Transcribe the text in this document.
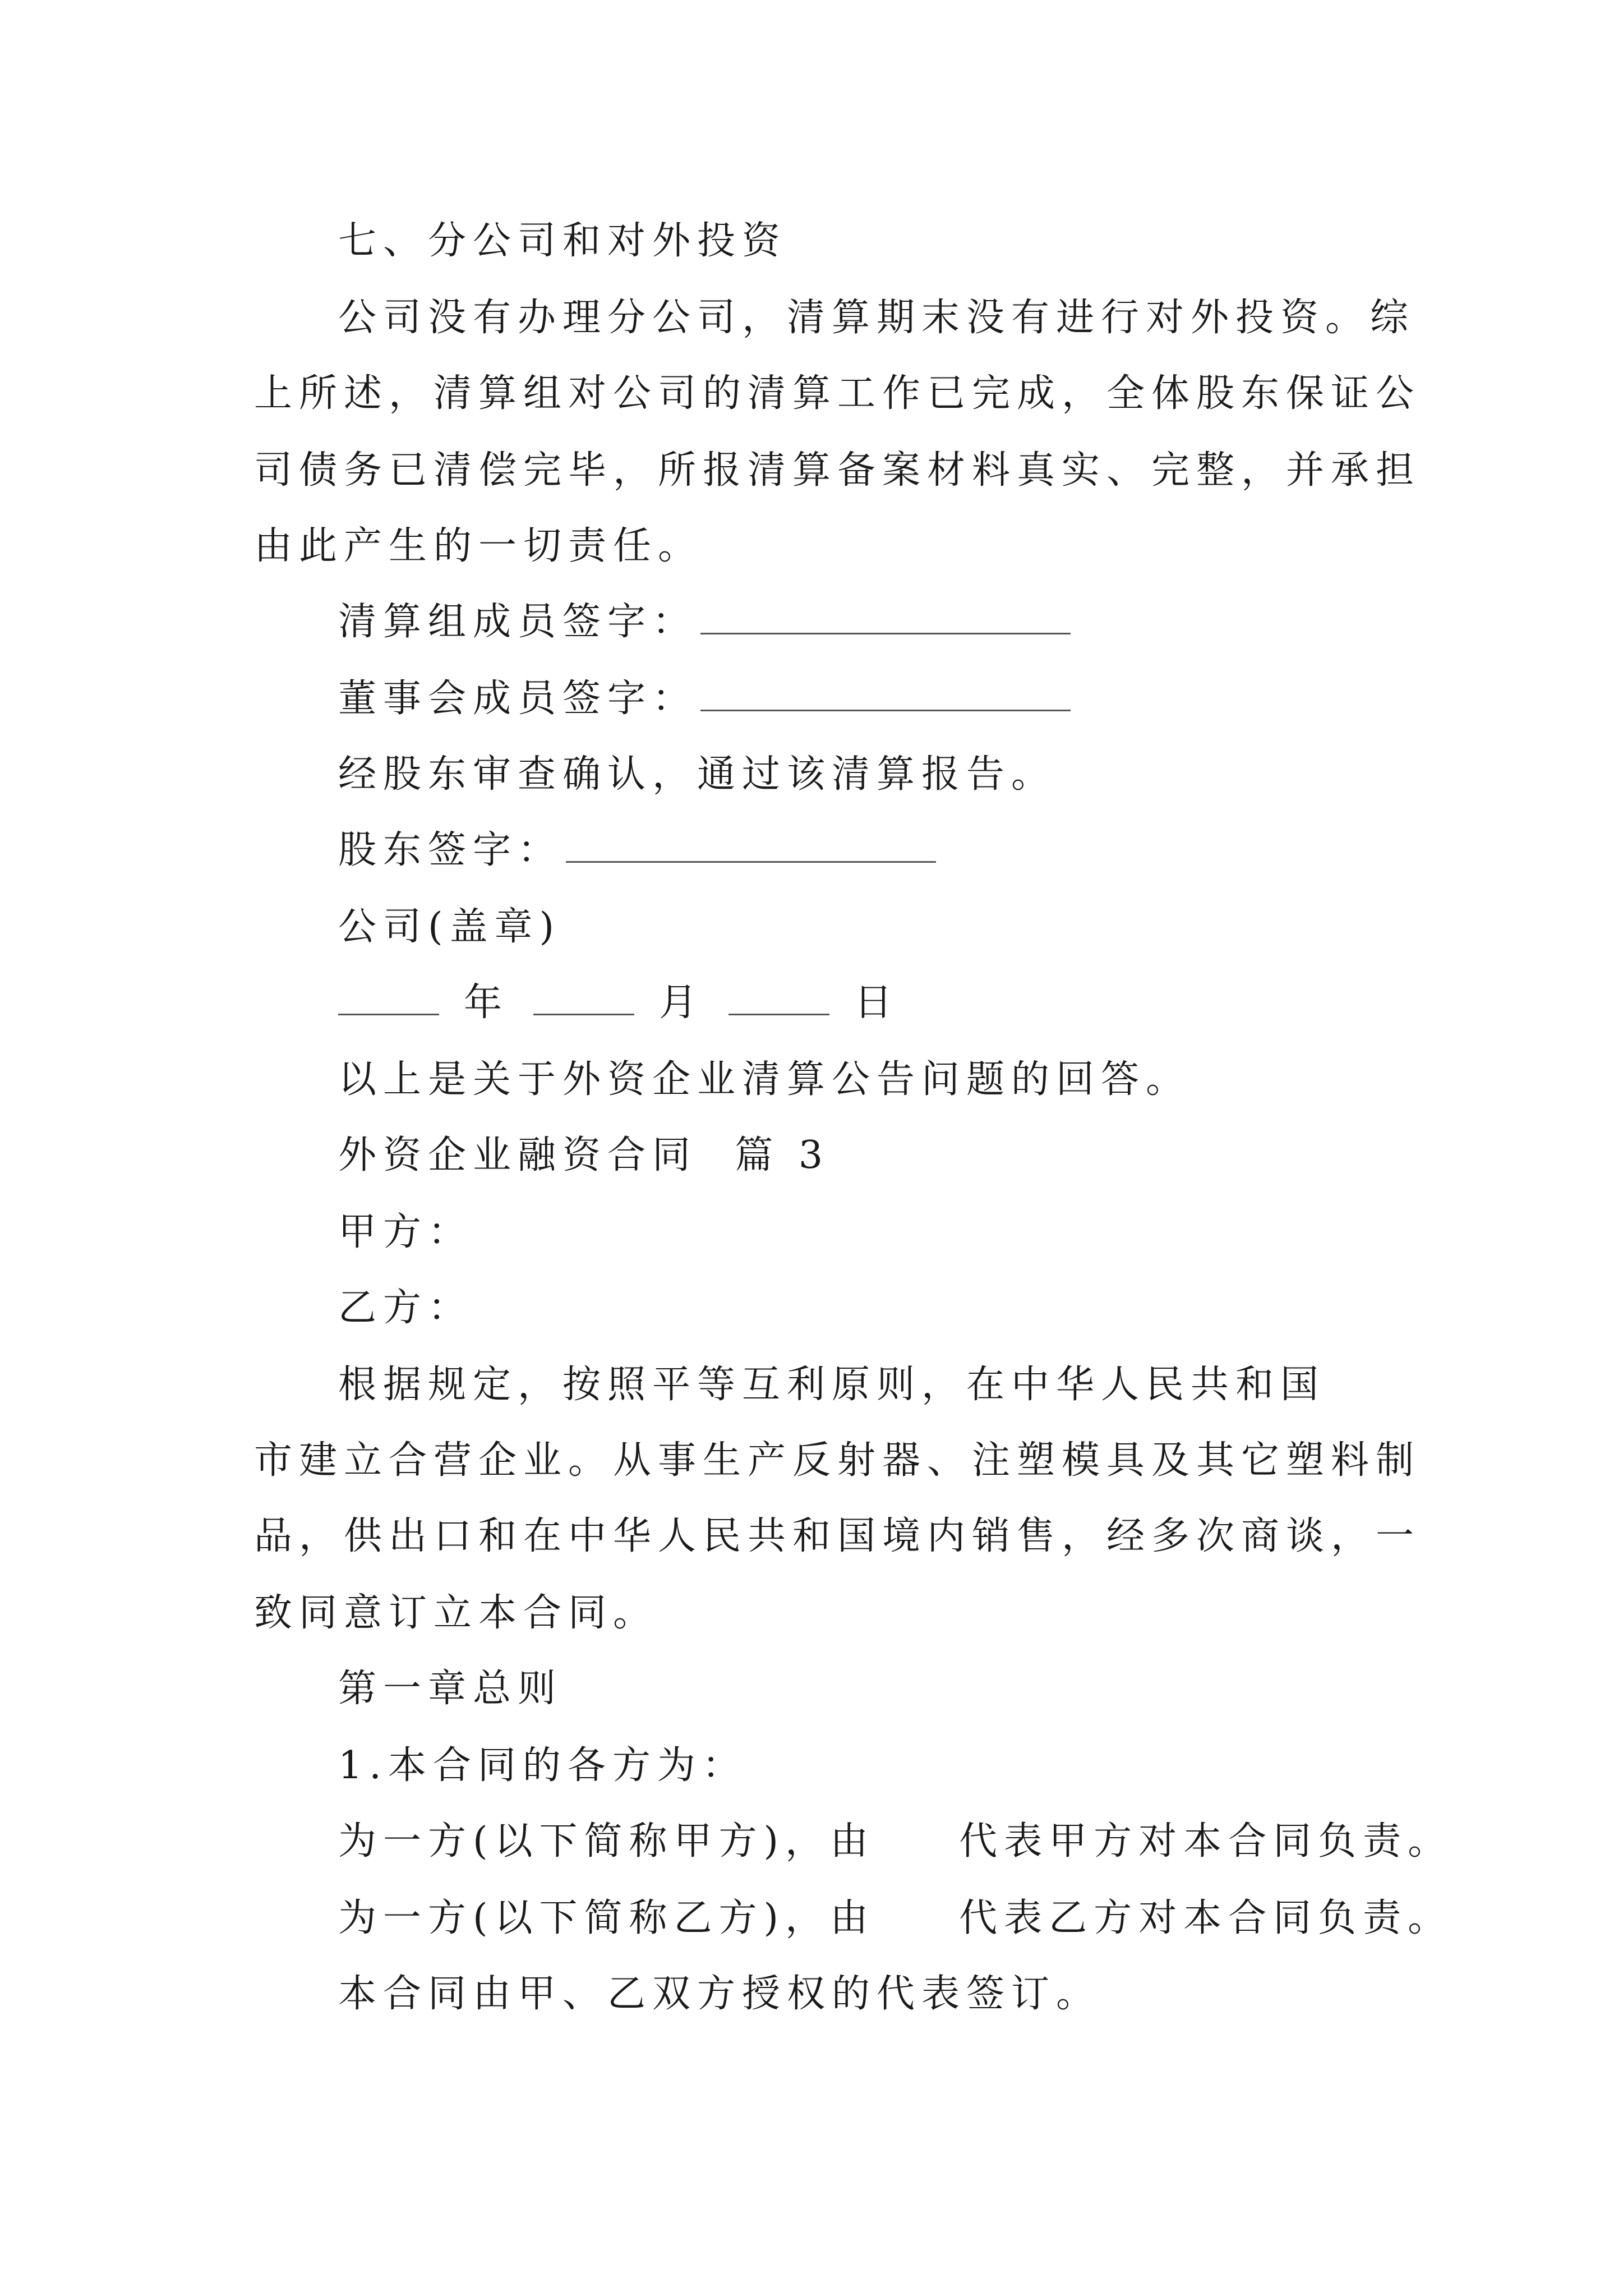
七、分公司和对外投资
公司没有办理分公司，清算期末没有进行对外投资。综
上所述，清算组对公司的清算工作已完成，全体股东保证公
司债务已清偿完毕，所报清算备案材料真实、完整，并承担
由此产生的一切责任。
清算组成员签字：
董事会成员签字：
经股东审查确认，通过该清算报告。
股东签字：
公司(盖章)
年	月	日
以上是关于外资企业清算公告问题的回答。
外资企业融资合同  篇 3
甲方：
乙方：
根据规定，按照平等互利原则，在中华人民共和国
市建立合营企业。从事生产反射器、注塑模具及其它塑料制
品，供出口和在中华人民共和国境内销售，经多次商谈，一
致同意订立本合同。
第一章总则
1.本合同的各方为：
为一方(以下简称甲方)，由 代表甲方对本合同负责。
为一方(以下简称乙方)，由 代表乙方对本合同负责。
本合同由甲、乙双方授权的代表签订。
